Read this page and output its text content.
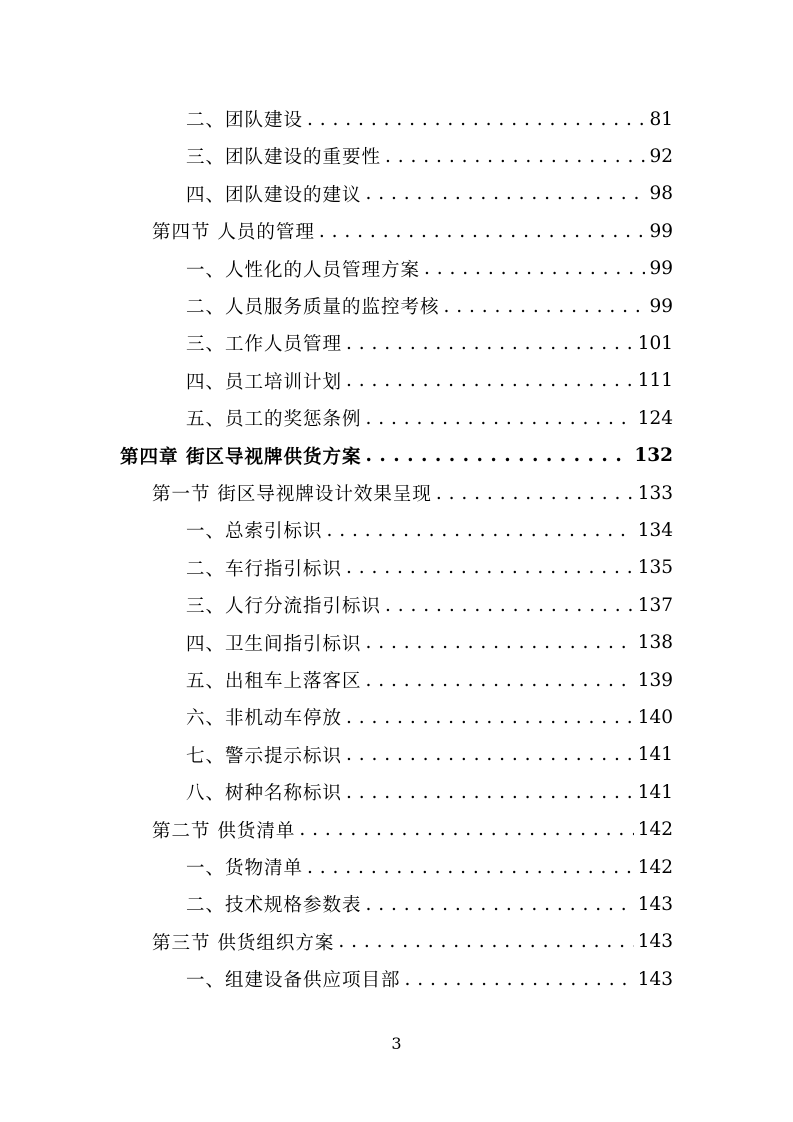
二、团队建设 . . .	81
三、团队建设的重要性 . . .	92
四、团队建设的建议 . . .	98
第四节 人员的管理 . . .	99
一、人性化的人员管理方案 . . .	99
二、人员服务质量的监控考核 . . .	99
三、工作人员管理 . . .	101
四、员工培训计划 . . .	111
五、员工的奖惩条例 . . .	124
第四章 街区导视牌供货方案 . . .	132
第一节 街区导视牌设计效果呈现 . . .	133
一、总索引标识 . . .	134
二、车行指引标识 . . .	135
三、人行分流指引标识 . . .	137
四、卫生间指引标识 . . .	138
五、出租车上落客区 . . .	139
六、非机动车停放 . . .	140
七、警示提示标识 . . .	141
八、树种名称标识 . . .	141
第二节 供货清单 . . .	142
一、货物清单 . . .	142
二、技术规格参数表 . . .	143
第三节 供货组织方案 . . .	143
一、组建设备供应项目部 . . .	143
3
